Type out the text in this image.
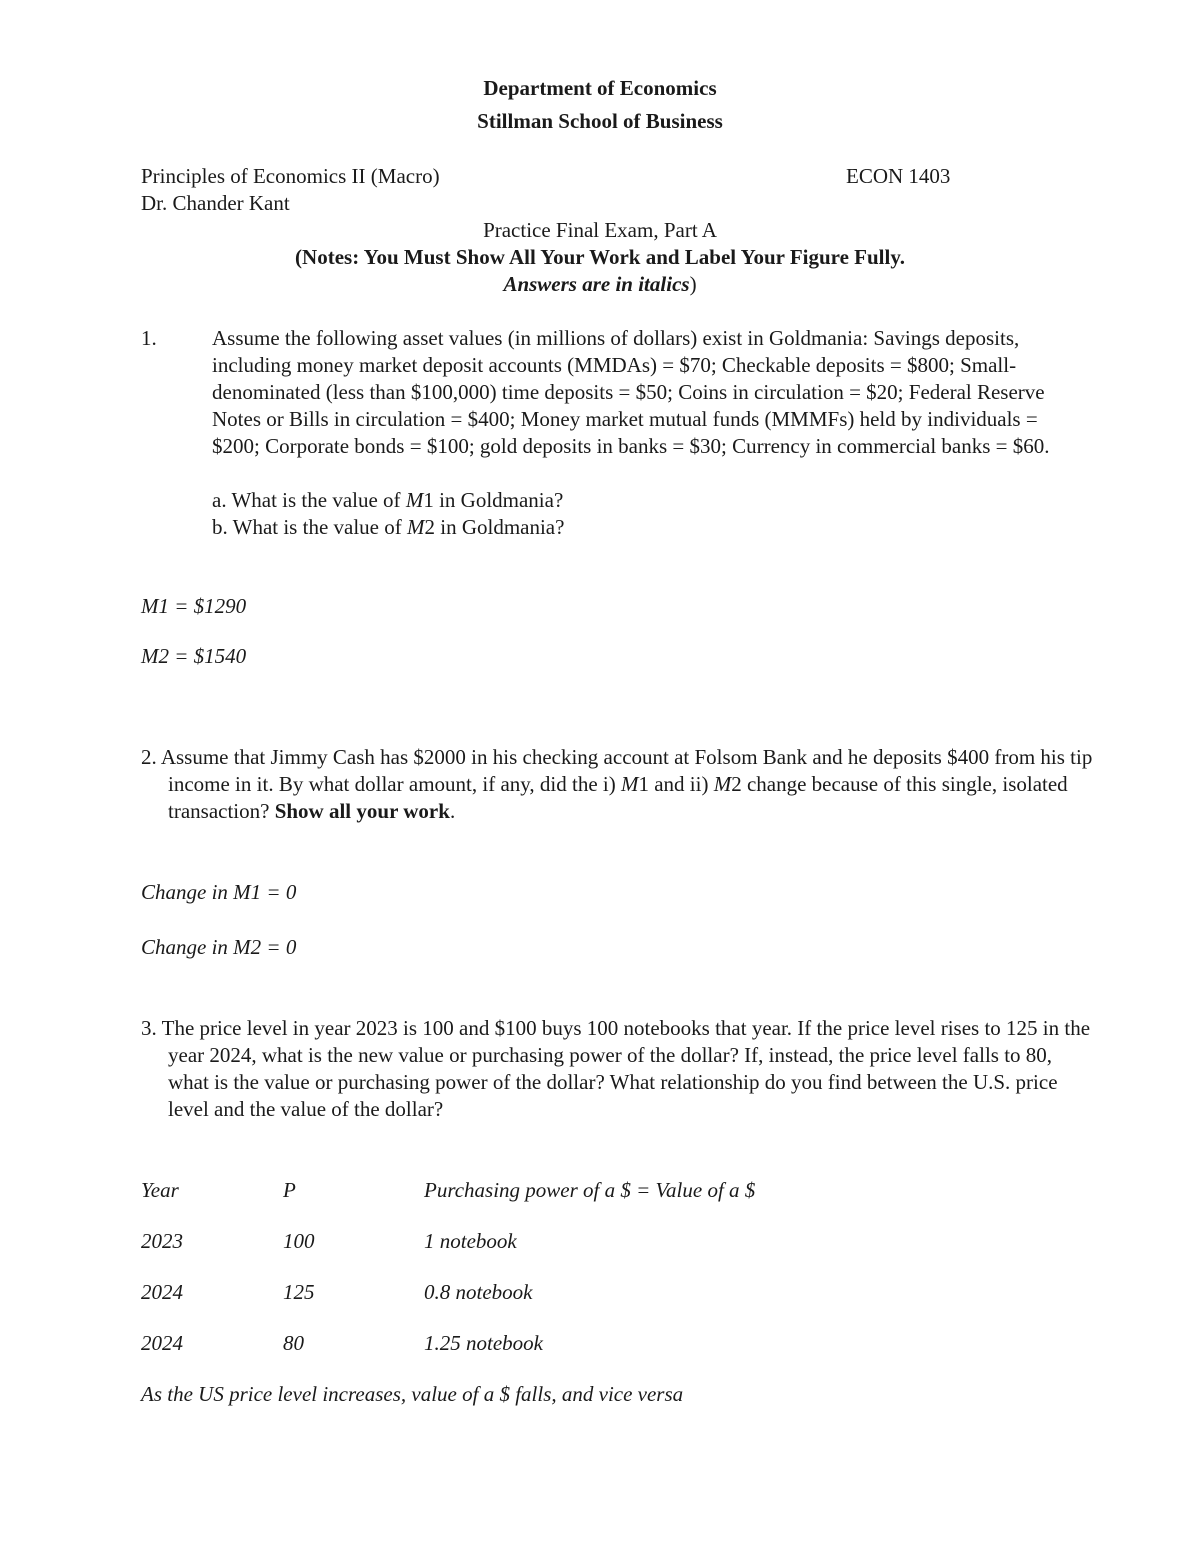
Department of Economics
Stillman School of Business
Principles of Economics II (Macro)	ECON 1403
Dr. Chander Kant
Practice Final Exam, Part A
(Notes: You Must Show All Your Work and Label Your Figure Fully.
Answers are in italics)
1.	Assume the following asset values (in millions of dollars) exist in Goldmania: Savings deposits, including money market deposit accounts (MMDAs) = $70; Checkable deposits = $800; Small-denominated (less than $100,000) time deposits = $50; Coins in circulation = $20; Federal Reserve Notes or Bills in circulation = $400; Money market mutual funds (MMMFs) held by individuals = $200; Corporate bonds = $100; gold deposits in banks = $30; Currency in commercial banks = $60.
a. What is the value of M1 in Goldmania?
b. What is the value of M2 in Goldmania?
M1 = $1290
M2 = $1540
2. Assume that Jimmy Cash has $2000 in his checking account at Folsom Bank and he deposits $400 from his tip income in it. By what dollar amount, if any, did the i) M1 and ii) M2 change because of this single, isolated transaction? Show all your work.
Change in M1 = 0
Change in M2 = 0
3. The price level in year 2023 is 100 and $100 buys 100 notebooks that year. If the price level rises to 125 in the year 2024, what is the new value or purchasing power of the dollar? If, instead, the price level falls to 80, what is the value or purchasing power of the dollar? What relationship do you find between the U.S. price level and the value of the dollar?
Year	P	Purchasing power of a $ = Value of a $
2023	100	1 notebook
2024	125	0.8 notebook
2024	80	1.25 notebook
As the US price level increases, value of a $ falls, and vice versa
